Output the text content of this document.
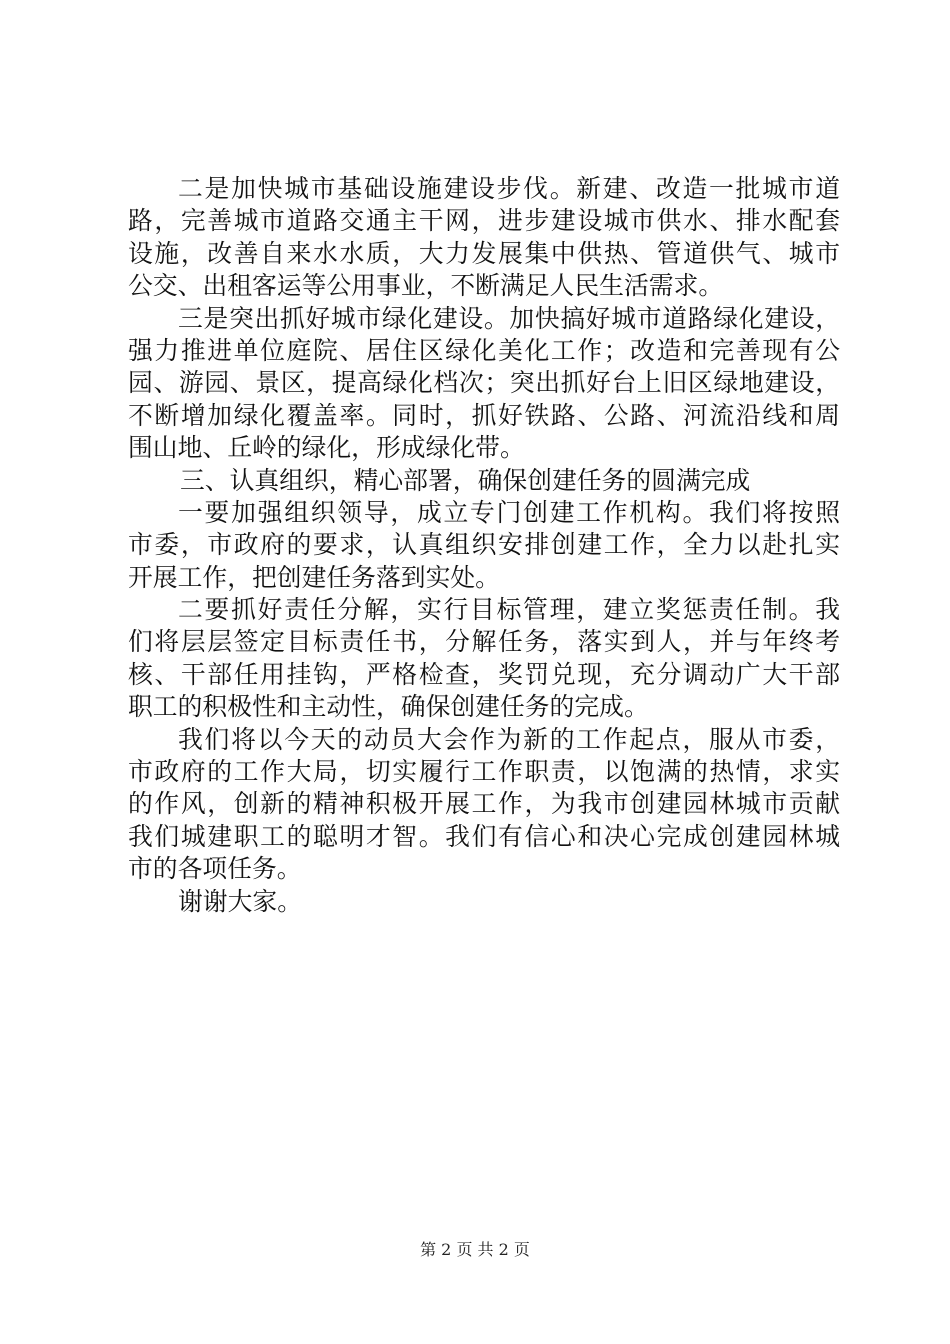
二是加快城市基础设施建设步伐。新建、改造一批城市道
路，完善城市道路交通主干网，进步建设城市供水、排水配套
设施，改善自来水水质，大力发展集中供热、管道供气、城市
公交、出租客运等公用事业，不断满足人民生活需求。
三是突出抓好城市绿化建设。加快搞好城市道路绿化建设，
强力推进单位庭院、居住区绿化美化工作；改造和完善现有公
园、游园、景区，提高绿化档次；突出抓好台上旧区绿地建设，
不断增加绿化覆盖率。同时，抓好铁路、公路、河流沿线和周
围山地、丘岭的绿化，形成绿化带。
三、认真组织，精心部署，确保创建任务的圆满完成
一要加强组织领导，成立专门创建工作机构。我们将按照
市委，市政府的要求，认真组织安排创建工作，全力以赴扎实
开展工作，把创建任务落到实处。
二要抓好责任分解，实行目标管理，建立奖惩责任制。我
们将层层签定目标责任书，分解任务，落实到人，并与年终考
核、干部任用挂钩，严格检查，奖罚兑现，充分调动广大干部
职工的积极性和主动性，确保创建任务的完成。
我们将以今天的动员大会作为新的工作起点，服从市委，
市政府的工作大局，切实履行工作职责，以饱满的热情，求实
的作风，创新的精神积极开展工作，为我市创建园林城市贡献
我们城建职工的聪明才智。我们有信心和决心完成创建园林城
市的各项任务。
谢谢大家。
第 2 页 共 2 页
